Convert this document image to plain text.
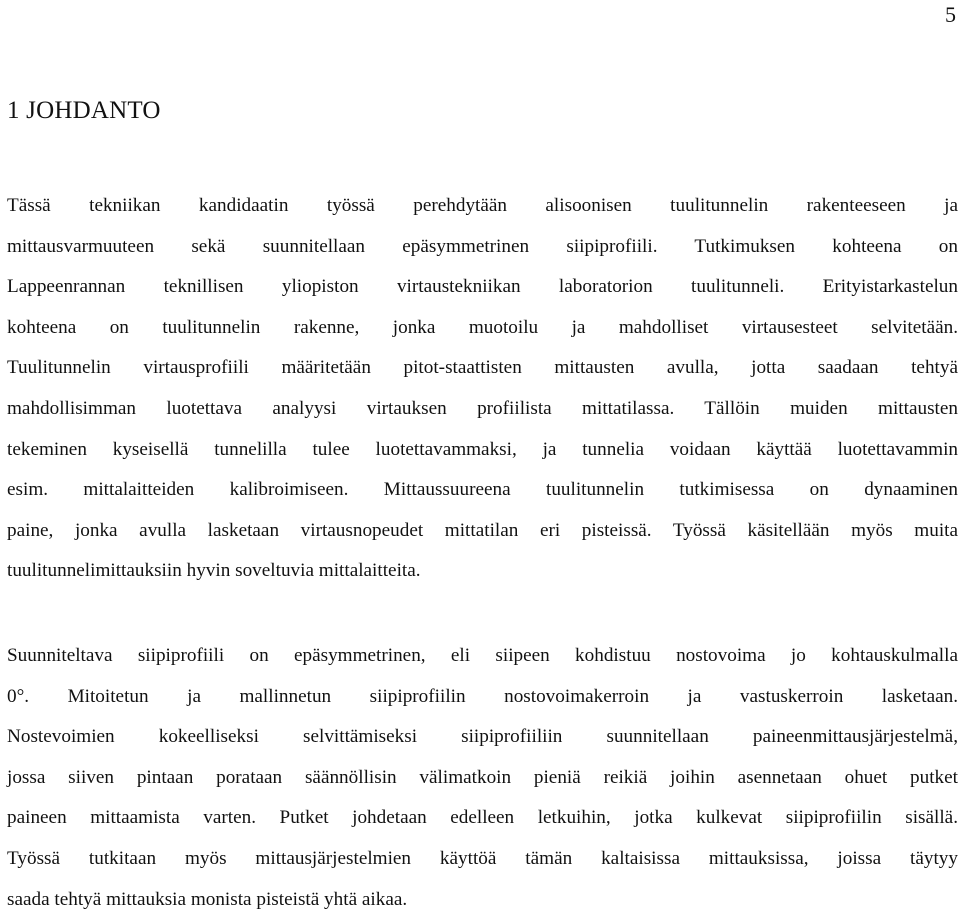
5
1 JOHDANTO
Tässä tekniikan kandidaatin työssä perehdytään alisoonisen tuulitunnelin rakenteeseen ja
mittausvarmuuteen sekä suunnitellaan epäsymmetrinen siipiprofiili. Tutkimuksen kohteena on
Lappeenrannan teknillisen yliopiston virtaustekniikan laboratorion tuulitunneli. Erityistarkastelun
kohteena on tuulitunnelin rakenne, jonka muotoilu ja mahdolliset virtausesteet selvitetään.
Tuulitunnelin virtausprofiili määritetään pitot-staattisten mittausten avulla, jotta saadaan tehtyä
mahdollisimman luotettava analyysi virtauksen profiilista mittatilassa. Tällöin muiden mittausten
tekeminen kyseisellä tunnelilla tulee luotettavammaksi, ja tunnelia voidaan käyttää luotettavammin
esim. mittalaitteiden kalibroimiseen. Mittaussuureena tuulitunnelin tutkimisessa on dynaaminen
paine, jonka avulla lasketaan virtausnopeudet mittatilan eri pisteissä. Työssä käsitellään myös muita
tuulitunnelimittauksiin hyvin soveltuvia mittalaitteita.
Suunniteltava siipiprofiili on epäsymmetrinen, eli siipeen kohdistuu nostovoima jo kohtauskulmalla
0°. Mitoitetun ja mallinnetun siipiprofiilin nostovoimakerroin ja vastuskerroin lasketaan.
Nostevoimien kokeelliseksi selvittämiseksi siipiprofiiliin suunnitellaan paineenmittausjärjestelmä,
jossa siiven pintaan porataan säännöllisin välimatkoin pieniä reikiä joihin asennetaan ohuet putket
paineen mittaamista varten. Putket johdetaan edelleen letkuihin, jotka kulkevat siipiprofiilin sisällä.
Työssä tutkitaan myös mittausjärjestelmien käyttöä tämän kaltaisissa mittauksissa, joissa täytyy
saada tehtyä mittauksia monista pisteistä yhtä aikaa.
